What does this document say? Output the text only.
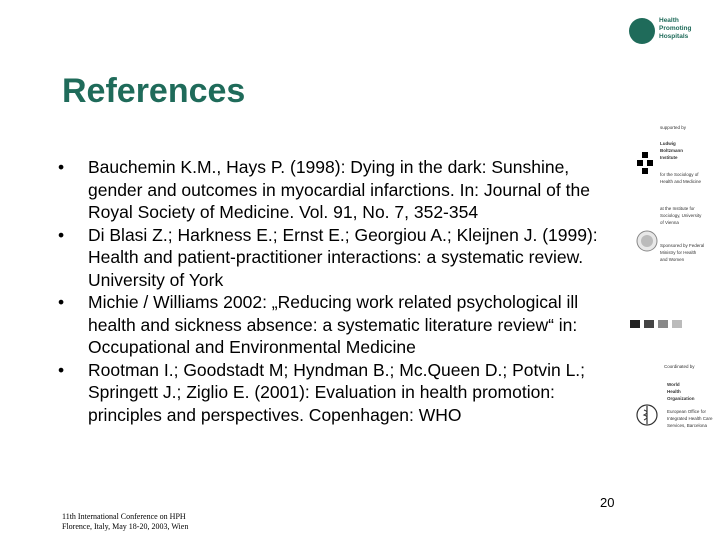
Health
Promoting
Hospitals
References
•	Bauchemin K.M., Hays P. (1998): Dying in the dark: Sunshine, gender and outcomes in myocardial infarctions. In: Journal of the Royal Society of Medicine. Vol. 91, No. 7, 352-354
•	Di Blasi Z.; Harkness E.; Ernst E.; Georgiou A.; Kleijnen J. (1999): Health and patient-practitioner interactions: a systematic review. University of York
•	Michie / Williams 2002: „Reducing work related psychological ill health and sickness absence: a systematic literature review“ in: Occupational and Environmental Medicine
•	Rootman I.; Goodstadt M; Hyndman B.; Mc.Queen D.; Potvin L.; Springett J.; Ziglio E. (2001): Evaluation in health promotion: principles and perspectives. Copenhagen: WHO
supported by
Ludwig
Boltzmann
Institute
for the Sociology of
Health and Medicine
at the Institute for
Sociology, University
of Vienna
Sponsored by Federal
Ministry for Health
and Women
Coordinated by
World
Health
Organization
European Office for
Integrated Health Care
Services, Barcelona
20
11th International Conference on HPH
Florence, Italy, May 18-20, 2003, Wien
